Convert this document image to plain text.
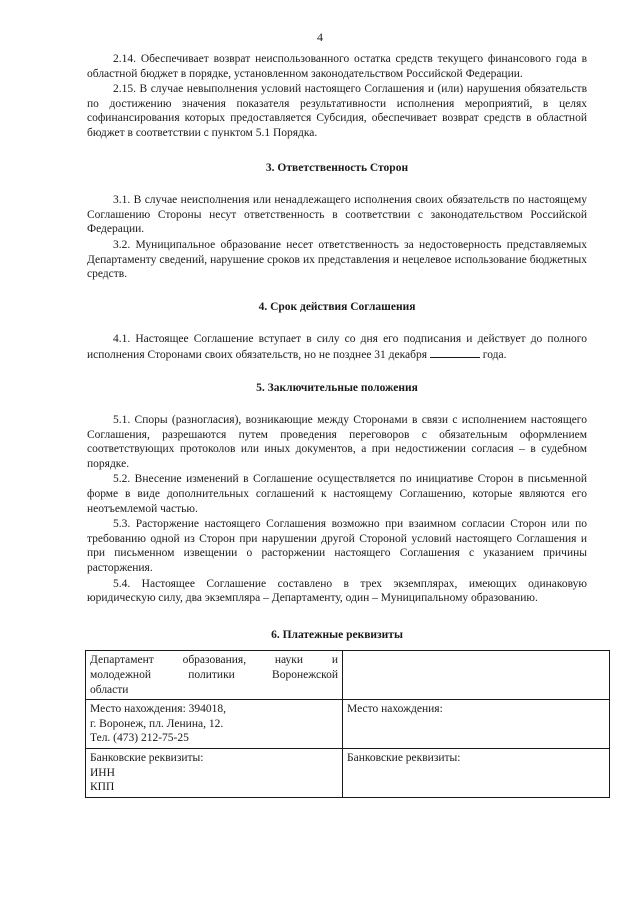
4

2.14. Обеспечивает возврат неиспользованного остатка средств текущего финансового года в областной бюджет в порядке, установленном законодательством Российской Федерации.

2.15. В случае невыполнения условий настоящего Соглашения и (или) нарушения обязательств по достижению значения показателя результативности исполнения мероприятий, в целях софинансирования которых предоставляется Субсидия, обеспечивает возврат средств в областной бюджет в соответствии с пунктом 5.1 Порядка.

3. Ответственность Сторон

3.1. В случае неисполнения или ненадлежащего исполнения своих обязательств по настоящему Соглашению Стороны несут ответственность в соответствии с законодательством Российской Федерации.

3.2. Муниципальное образование несет ответственность за недостоверность представляемых Департаменту сведений, нарушение сроков их представления и нецелевое использование бюджетных средств.

4. Срок действия Соглашения

4.1. Настоящее Соглашение вступает в силу со дня его подписания и действует до полного исполнения Сторонами своих обязательств, но не позднее 31 декабря	года.

5. Заключительные положения

5.1. Споры (разногласия), возникающие между Сторонами в связи с исполнением настоящего Соглашения, разрешаются путем проведения переговоров с обязательным оформлением соответствующих протоколов или иных документов, а при недостижении согласия – в судебном порядке.

5.2. Внесение изменений в Соглашение осуществляется по инициативе Сторон в письменной форме в виде дополнительных соглашений к настоящему Соглашению, которые являются его неотъемлемой частью.

5.3. Расторжение настоящего Соглашения возможно при взаимном согласии Сторон или по требованию одной из Сторон при нарушении другой Стороной условий настоящего Соглашения и при письменном извещении о расторжении настоящего Соглашения с указанием причины расторжения.

5.4. Настоящее Соглашение составлено в трех экземплярах, имеющих одинаковую юридическую силу, два экземпляра – Департаменту, один – Муниципальному образованию.

6. Платежные реквизиты
Департамент образования, науки и
молодежной политики Воронежской
области	

Место нахождения: 394018,
г. Воронеж, пл. Ленина, 12.
Тел. (473) 212-75-25	Место нахождения:

Банковские реквизиты:
ИНН
КПП	Банковские реквизиты:
